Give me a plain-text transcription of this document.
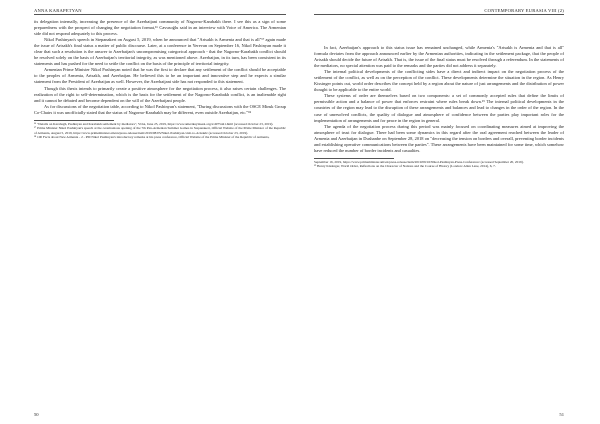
ANNA KARAPETYAN

its delegation internally, increasing the presence of the Azerbaijani community of Nagorno-Karabakh there. I see this as a sign of some preparedness with the prospect of changing the negotiation format,¹⁶ Cavusoğlu said in an interview with Voice of America. The Armenian side did not respond adequately to this process.

Nikol Pashinyan's speech in Stepanakert on August 5, 2019, when he announced that "Artsakh is Armenia and that is all"¹⁷ again made the issue of Artsakh's final status a matter of public discourse. Later, at a conference in Yerevan on September 16, Nikol Pashinyan made it clear that such a resolution is the answer to Azerbaijan's uncompromising categorical approach - that the Nagorno-Karabakh conflict should be resolved solely on the basis of Azerbaijan's territorial integrity, as was mentioned above. Azerbaijan, in its turn, has been consistent in its statements and has pushed for the need to settle the conflict on the basis of the principle of territorial integrity.

Armenian Prime Minister Nikol Pashinyan noted that he was the first to declare that any settlement of the conflict should be acceptable to the peoples of Armenia, Artsakh, and Azerbaijan. He believed this to be an important and innovative step and he expects a similar statement from the President of Azerbaijan as well. However, the Azerbaijani side has not responded to this statement.

Though this thesis intends to primarily create a positive atmosphere for the negotiation process, it also raises certain challenges. The realization of the right to self-determination, which is the basis for the settlement of the Nagorno-Karabakh conflict, is an inalienable right and it cannot be debated and become dependent on the will of the Azerbaijani people.

As for discussions of the negotiation table, according to Nikol Pashinyan's statement, "During discussions with the OSCE Minsk Group Co-Chairs it was unofficially stated that the status of Nagorno-Karabakh may be different, even outside Azerbaijan, etc."¹⁸

¹⁶ "Details on Karabagh, Pashinyan and Karabakh settlement by mediators", VOA, June 25, 2019, https://www.amerikayinsesi.org/a/4975441.html (accessed October 23, 2019).

¹⁷ Prime Minister Nikol Pashinyan's speech at the ceremonious opening of the 7th Pan-Armenian Summer Games in Stepanakert, Official Website of the Prime Minister of the Republic of Armenia, August 5, 2019, https://www.primeminister.am/en/press-release/item/2019/08/05/Nikol-Pashinyan-visit-to-Artsakh/ (accessed October 23, 2019).

¹⁸ 100 Facts about New Armenia - 2 - PM Nikol Pashinyan's introductory remarks at his press conference, Official Website of the Prime Minister of the Republic of Armenia,

50
CONTEMPORARY EURASIA VIII (2)

In fact, Azerbaijan's approach to this status issue has remained unchanged, while Armenia's "Artsakh is Armenia and that is all" formula deviates from the approach announced earlier by the Armenian authorities, indicating in the settlement package, that the people of Artsakh should decide the future of Artsakh. That is, the issue of the final status must be resolved through a referendum. In the statements of the mediators, no special attention was paid to the remarks and the parties did not address it separately.

The internal political developments of the conflicting sides have a direct and indirect impact on the negotiation process of the settlement of the conflict, as well as on the perception of the conflict. These developments determine the situation in the region. As Henry Kissinger points out, world order describes the concept held by a region about the nature of just arrangements and the distribution of power thought to be applicable to the entire world.

These systems of order are themselves based on two components: a set of commonly accepted rules that define the limits of permissible action and a balance of power that enforces restraint where rules break down.¹⁹ The internal political developments in the countries of the region may lead to the disruption of these arrangements and balances and lead to changes in the order of the region. In the case of unresolved conflicts, the quality of dialogue and atmosphere of confidence between the parties play important roles for the implementation of arrangements and for peace in the region in general.

The agenda of the negotiation process during this period was mainly focused on coordinating measures aimed at improving the atmosphere of trust for dialogue. There had been some dynamics in this regard after the oral agreement reached between the leader of Armenia and Azerbaijan in Dushanbe on September 28, 2018 on "decreasing the tension on borders and overall, preventing border incidents and establishing operative communications between the parties". These arrangements have been maintained for some time, which somehow have reduced the number of border incidents and casualties.

September 16, 2019, https://www.primeminister.am/en/press-release/item/2019/09/16/Nikol-Pashinyan-Press-Conference/ (accessed September 20, 2019).

¹⁹ Henry Kissinger, World Order, Reflections on the Character of Nations and the Course of History (London: Allen Lane, 2014), 6, 7.

51
